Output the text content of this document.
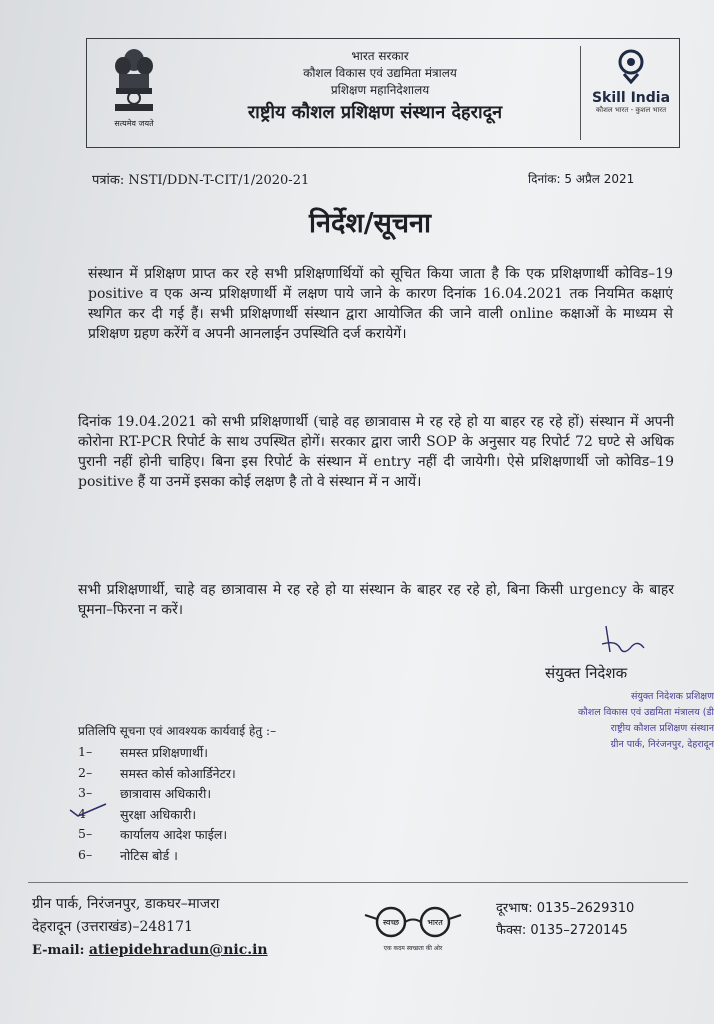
सत्यमेव जयते
भारत सरकार
कौशल विकास एवं उद्यमिता मंत्रालय
प्रशिक्षण महानिदेशालय
राष्ट्रीय कौशल प्रशिक्षण संस्थान देहरादून
Skill India
कौशल भारत - कुशल भारत
पत्रांक: NSTI/DDN-T-CIT/1/2020-21	दिनांक: 5 अप्रैल 2021
निर्देश/सूचना
संस्थान में प्रशिक्षण प्राप्त कर रहे सभी प्रशिक्षणार्थियों को सूचित किया जाता है कि एक प्रशिक्षणार्थी कोविड–19 positive व एक अन्य प्रशिक्षणार्थी में लक्षण पाये जाने के कारण दिनांक 16.04.2021 तक नियमित कक्षाएं स्थगित कर दी गई हैं। सभी प्रशिक्षणार्थी संस्थान द्वारा आयोजित की जाने वाली online कक्षाओं के माध्यम से प्रशिक्षण ग्रहण करेंगें व अपनी आनलाईन उपस्थिति दर्ज करायेगें।
दिनांक 19.04.2021 को सभी प्रशिक्षणार्थी (चाहे वह छात्रावास मे रह रहे हो या बाहर रह रहे हों) संस्थान में अपनी कोरोना RT-PCR रिपोर्ट के साथ उपस्थित होगें। सरकार द्वारा जारी SOP के अनुसार यह रिपोर्ट 72 घण्टे से अधिक पुरानी नहीं होनी चाहिए। बिना इस रिपोर्ट के संस्थान में entry नहीं दी जायेगी। ऐसे प्रशिक्षणार्थी जो कोविड–19 positive हैं या उनमें इसका कोई लक्षण है तो वे संस्थान में न आयें।
सभी प्रशिक्षणार्थी, चाहे वह छात्रावास मे रह रहे हो या संस्थान के बाहर रह रहे हो, बिना किसी urgency के बाहर घूमना–फिरना न करें।
संयुक्त निदेशक
संयुक्त निदेशक प्रशिक्षण
कौशल विकास एवं उद्यमिता मंत्रालय (डी
राष्ट्रीय कौशल प्रशिक्षण संस्थान
ग्रीन पार्क, निरंजनपुर, देहरादून
प्रतिलिपि सूचना एवं आवश्यक कार्यवाई हेतु :–
1–	समस्त प्रशिक्षणार्थी।
2–	समस्त कोर्स कोआर्डिनेटर।
3–	छात्रावास अधिकारी।
4	सुरक्षा अधिकारी।
5–	कार्यालय आदेश फाईल।
6–	नोटिस बोर्ड ।
ग्रीन पार्क, निरंजनपुर, डाकघर–माजरा
देहरादून (उत्तराखंड)–248171
E-mail: atiepidehradun@nic.in
स्वच्छ	भारत
एक कदम स्वच्छता की ओर
दूरभाष: 0135–2629310
फैक्स: 0135–2720145
